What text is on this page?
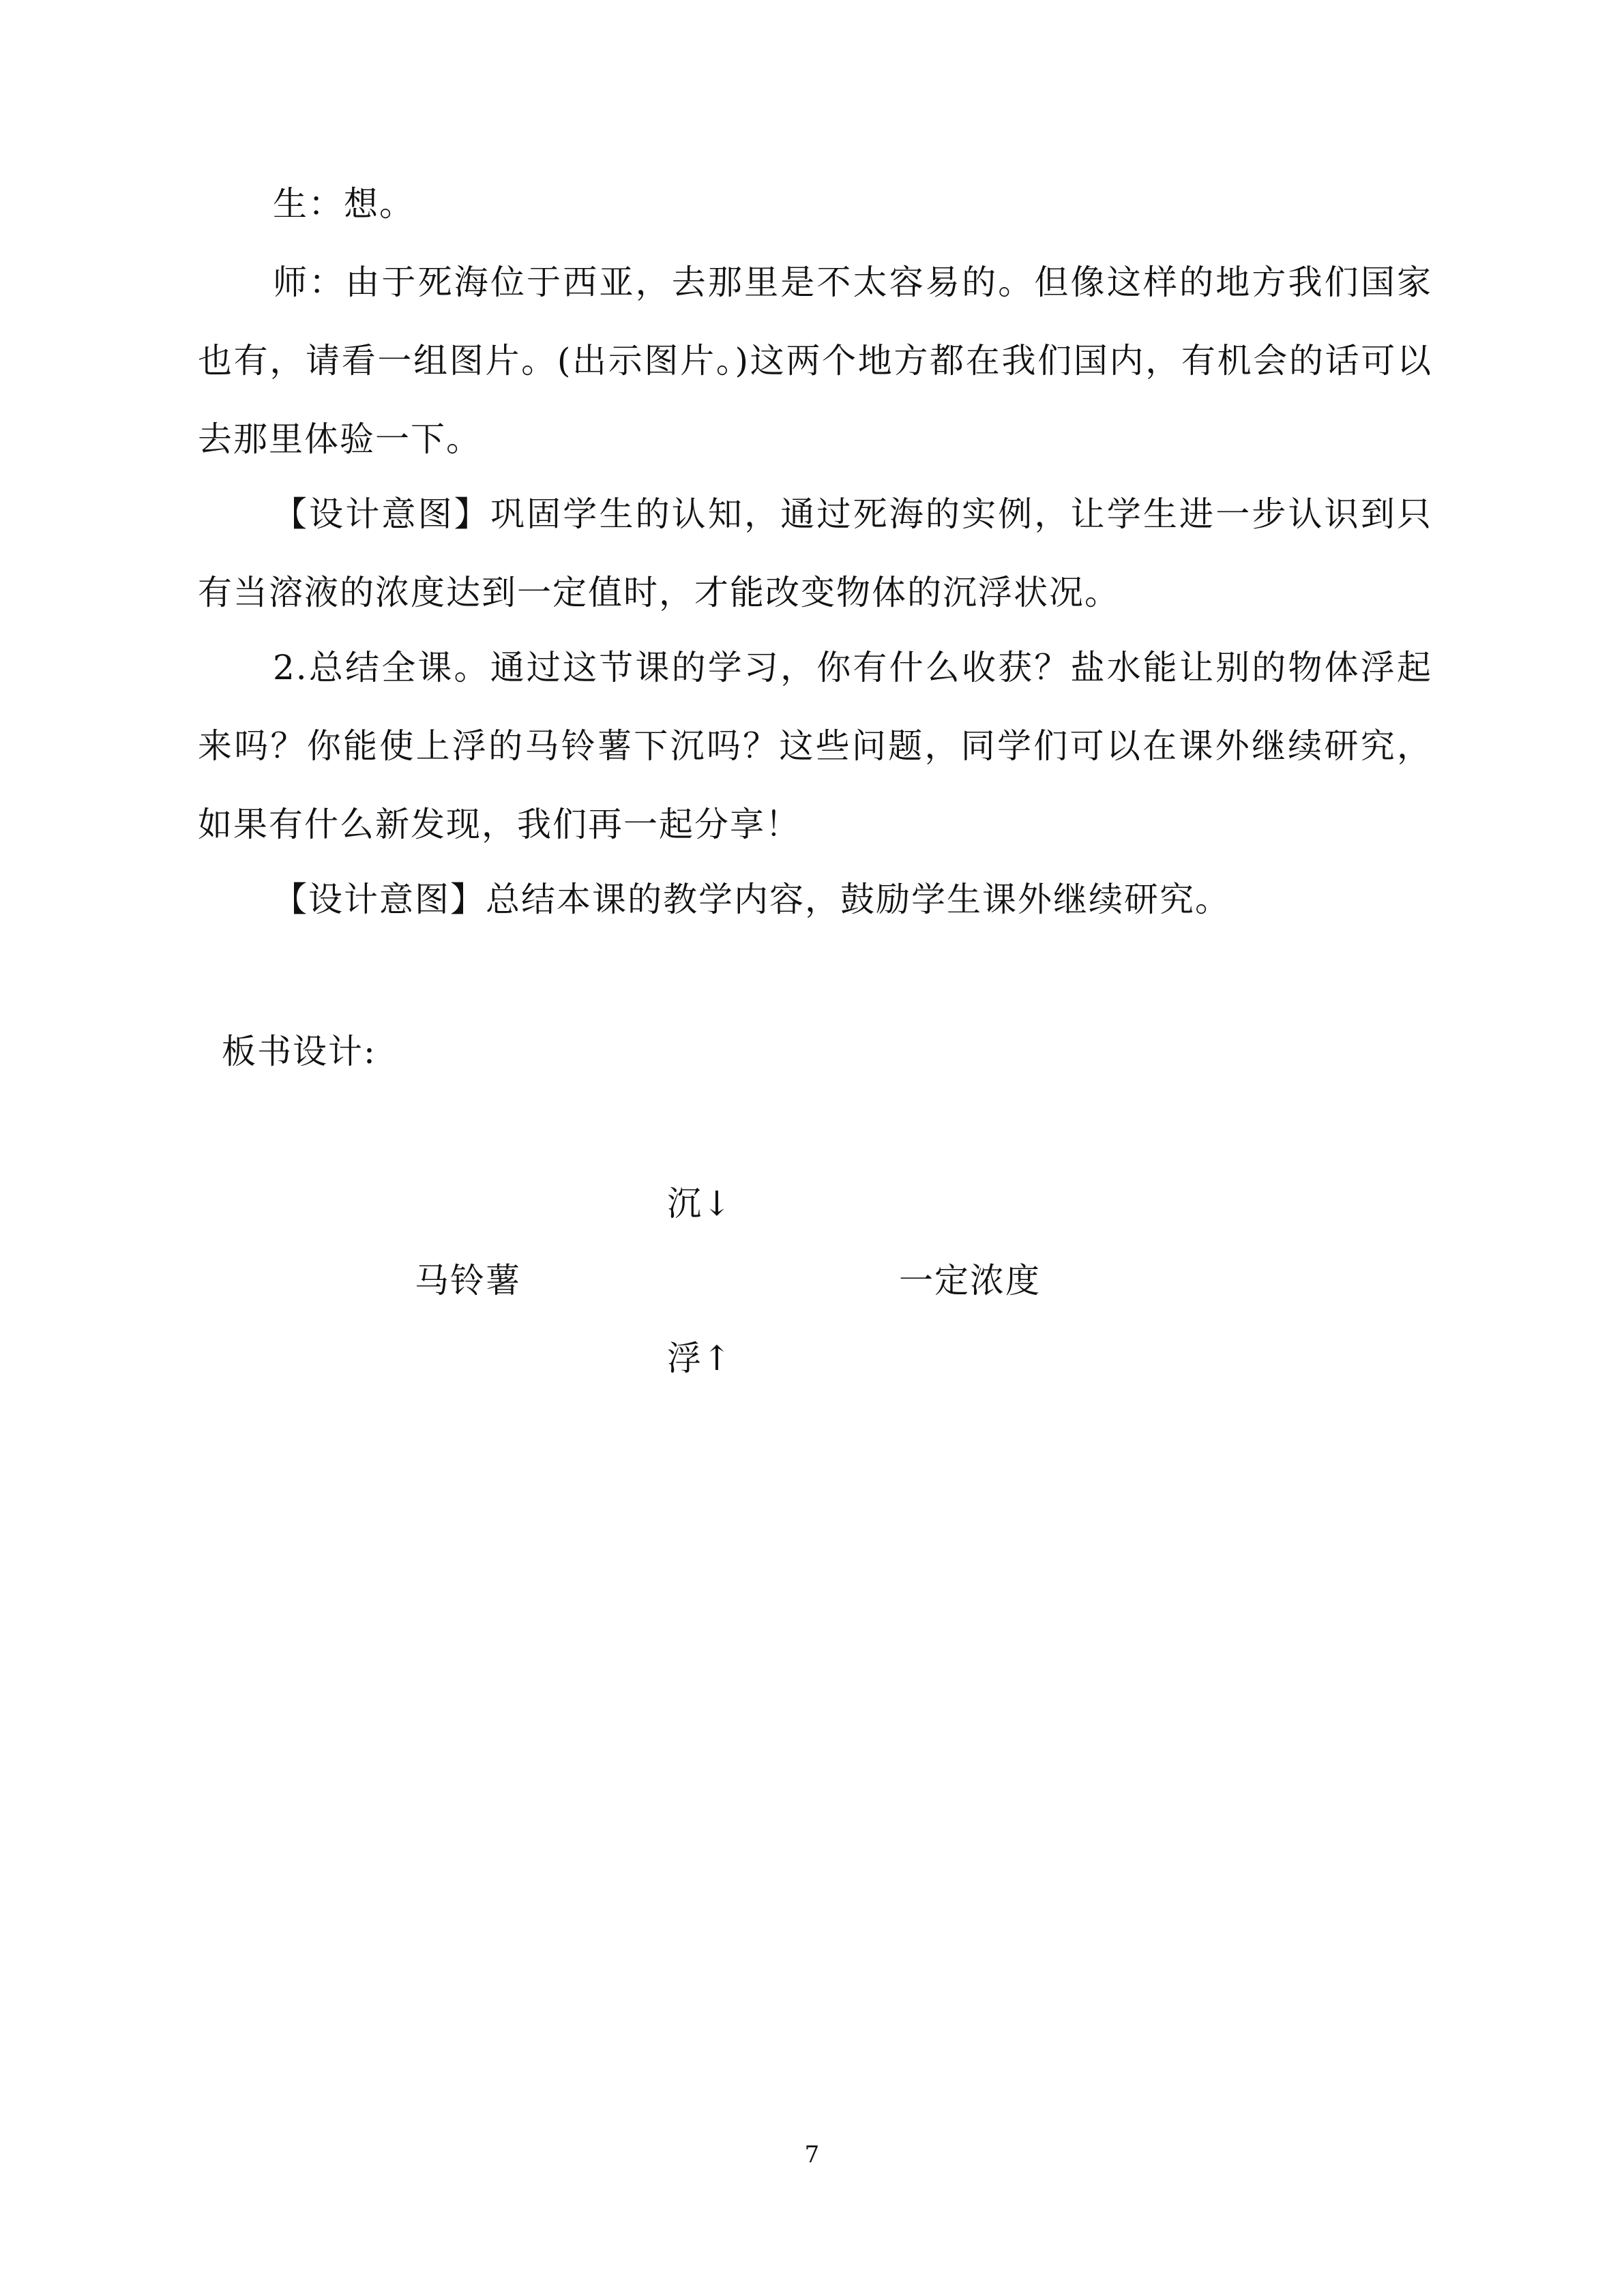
生：想。

师：由于死海位于西亚，去那里是不太容易的。但像这样的地方我们国家也有，请看一组图片。(出示图片。)这两个地方都在我们国内，有机会的话可以去那里体验一下。

【设计意图】巩固学生的认知，通过死海的实例，让学生进一步认识到只有当溶液的浓度达到一定值时，才能改变物体的沉浮状况。

2.总结全课。通过这节课的学习，你有什么收获？盐水能让别的物体浮起来吗？你能使上浮的马铃薯下沉吗？这些问题，同学们可以在课外继续研究，如果有什么新发现，我们再一起分享！

【设计意图】总结本课的教学内容，鼓励学生课外继续研究。

板书设计:
沉↓
马铃薯	一定浓度
浮↑
7
